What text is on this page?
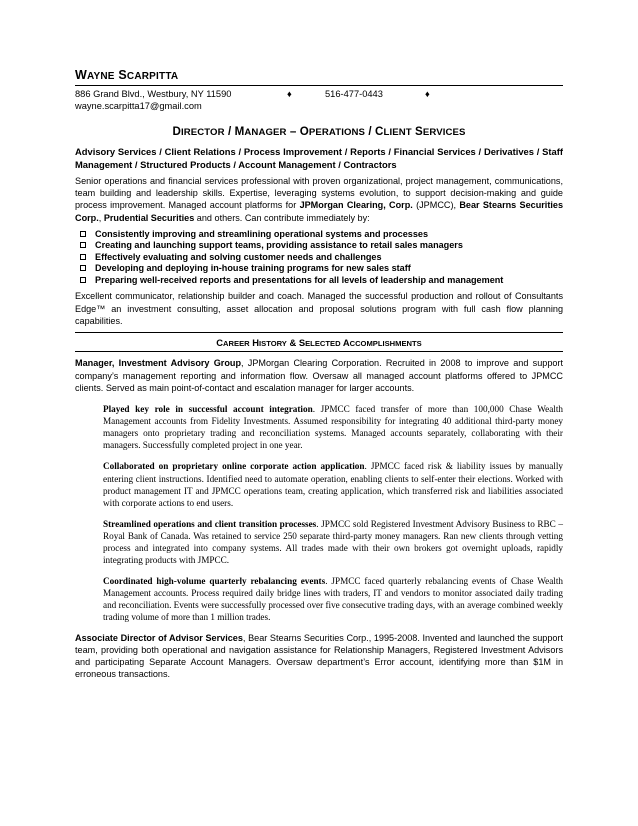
WAYNE SCARPITTA
886 Grand Blvd., Westbury, NY 11590	♦	516-477-0443	♦
wayne.scarpitta17@gmail.com
DIRECTOR / MANAGER – OPERATIONS / CLIENT SERVICES
Advisory Services / Client Relations / Process Improvement / Reports / Financial Services / Derivatives / Staff Management / Structured Products / Account Management / Contractors

Senior operations and financial services professional with proven organizational, project management, communications, team building and leadership skills. Expertise, leveraging systems evolution, to support decision-making and guide process improvement. Managed account platforms for JPMorgan Clearing, Corp. (JPMCC), Bear Stearns Securities Corp., Prudential Securities and others. Can contribute immediately by:

Consistently improving and streamlining operational systems and processes
Creating and launching support teams, providing assistance to retail sales managers
Effectively evaluating and solving customer needs and challenges
Developing and deploying in-house training programs for new sales staff
Preparing well-received reports and presentations for all levels of leadership and management

Excellent communicator, relationship builder and coach. Managed the successful production and rollout of Consultants Edge™ an investment consulting, asset allocation and proposal solutions program with full cash flow planning capabilities.

CAREER HISTORY & SELECTED ACCOMPLISHMENTS

Manager, Investment Advisory Group, JPMorgan Clearing Corporation. Recruited in 2008 to improve and support company’s management reporting and information flow. Oversaw all managed account platforms offered to JPMCC clients. Served as main point-of-contact and escalation manager for larger accounts.

Played key role in successful account integration. JPMCC faced transfer of more than 100,000 Chase Wealth Management accounts from Fidelity Investments. Assumed responsibility for integrating 40 additional third-party money managers onto proprietary trading and reconciliation systems. Managed accounts separately, collaborating with their managers. Successfully completed project in one year.
Collaborated on proprietary online corporate action application. JPMCC faced risk & liability issues by manually entering client instructions. Identified need to automate operation, enabling clients to self-enter their elections. Worked with product management IT and JPMCC operations team, creating application, which transferred risk and liabilities associated with corporate actions to end users.
Streamlined operations and client transition processes. JPMCC sold Registered Investment Advisory Business to RBC – Royal Bank of Canada. Was retained to service 250 separate third-party money managers. Ran new clients through vetting process and integrated into company systems. All trades made with their own brokers got overnight uploads, rapidly integrating products with JMPCC.
Coordinated high-volume quarterly rebalancing events. JPMCC faced quarterly rebalancing events of Chase Wealth Management accounts. Process required daily bridge lines with traders, IT and vendors to monitor associated daily trading and reconciliation. Events were successfully processed over five consecutive trading days, with an average combined weekly trading volume of more than 1 million trades.

Associate Director of Advisor Services, Bear Stearns Securities Corp., 1995-2008. Invented and launched the support team, providing both operational and navigation assistance for Relationship Managers, Registered Investment Advisors and participating Separate Account Managers. Oversaw department’s Error account, identifying more than $1M in erroneous transactions.
